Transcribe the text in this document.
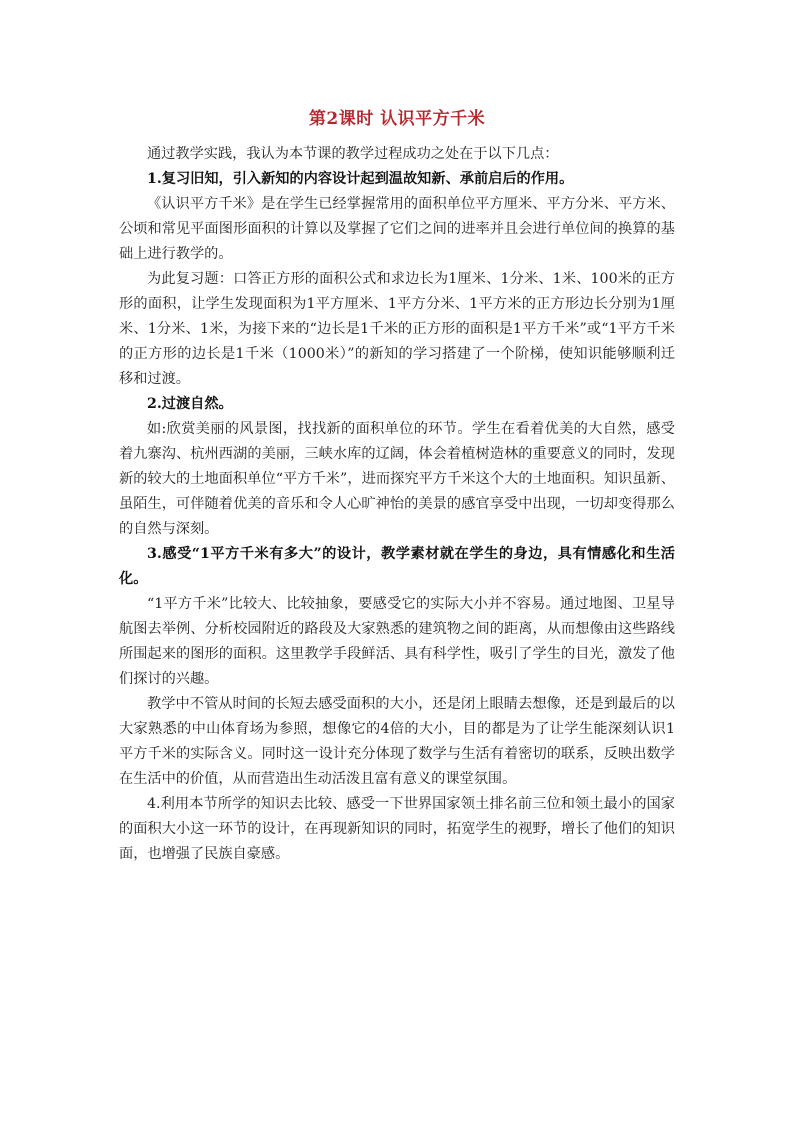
第2课时 认识平方千米

通过教学实践，我认为本节课的教学过程成功之处在于以下几点：

1.复习旧知，引入新知的内容设计起到温故知新、承前启后的作用。

《认识平方千米》是在学生已经掌握常用的面积单位平方厘米、平方分米、平方米、公顷和常见平面图形面积的计算以及掌握了它们之间的进率并且会进行单位间的换算的基础上进行教学的。

为此复习题：口答正方形的面积公式和求边长为1厘米、1分米、1米、100米的正方形的面积，让学生发现面积为1平方厘米、1平方分米、1平方米的正方形边长分别为1厘米、1分米、1米，为接下来的“边长是1千米的正方形的面积是1平方千米”或“1平方千米的正方形的边长是1千米（1000米）”的新知的学习搭建了一个阶梯，使知识能够顺利迁移和过渡。

2.过渡自然。

如:欣赏美丽的风景图，找找新的面积单位的环节。学生在看着优美的大自然，感受着九寨沟、杭州西湖的美丽，三峡水库的辽阔，体会着植树造林的重要意义的同时，发现新的较大的土地面积单位“平方千米”，进而探究平方千米这个大的土地面积。知识虽新、虽陌生，可伴随着优美的音乐和令人心旷神怡的美景的感官享受中出现，一切却变得那么的自然与深刻。

3.感受“1平方千米有多大”的设计，教学素材就在学生的身边，具有情感化和生活化。

“1平方千米”比较大、比较抽象，要感受它的实际大小并不容易。通过地图、卫星导航图去举例、分析校园附近的路段及大家熟悉的建筑物之间的距离，从而想像由这些路线所围起来的图形的面积。这里教学手段鲜活、具有科学性，吸引了学生的目光，激发了他们探讨的兴趣。

教学中不管从时间的长短去感受面积的大小，还是闭上眼睛去想像，还是到最后的以大家熟悉的中山体育场为参照，想像它的4倍的大小，目的都是为了让学生能深刻认识1平方千米的实际含义。同时这一设计充分体现了数学与生活有着密切的联系，反映出数学在生活中的价值，从而营造出生动活泼且富有意义的课堂氛围。

4.利用本节所学的知识去比较、感受一下世界国家领土排名前三位和领土最小的国家的面积大小这一环节的设计，在再现新知识的同时，拓宽学生的视野，增长了他们的知识面，也增强了民族自豪感。
